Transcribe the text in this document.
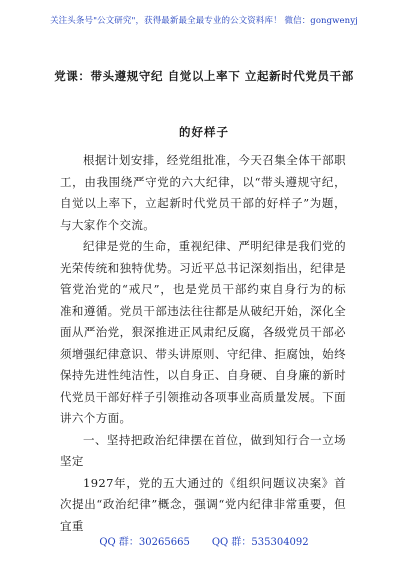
关注头条号"公文研究"，获得最新最全最专业的公文资料库！ 微信：gongwenyj
党课：带头遵规守纪 自觉以上率下 立起新时代党员干部
的好样子

根据计划安排，经党组批准，今天召集全体干部职工，由我围绕严守党的六大纪律，以“带头遵规守纪，自觉以上率下，立起新时代党员干部的好样子”为题，与大家作个交流。

纪律是党的生命，重视纪律、严明纪律是我们党的光荣传统和独特优势。习近平总书记深刻指出，纪律是管党治党的“戒尺”，也是党员干部约束自身行为的标准和遵循。党员干部违法往往都是从破纪开始，深化全面从严治党，狠深推进正风肃纪反腐，各级党员干部必须增强纪律意识、带头讲原则、守纪律、拒腐蚀，始终保持先进性纯洁性，以自身正、自身硬、自身廉的新时代党员干部好样子引领推动各项事业高质量发展。下面讲六个方面。

一、坚持把政治纪律摆在首位，做到知行合一立场坚定

1927年，党的五大通过的《组织问题议决案》首次提出“政治纪律”概念，强调“党内纪律非常重要，但宜重

QQ 群：30265665 QQ 群：535304092
